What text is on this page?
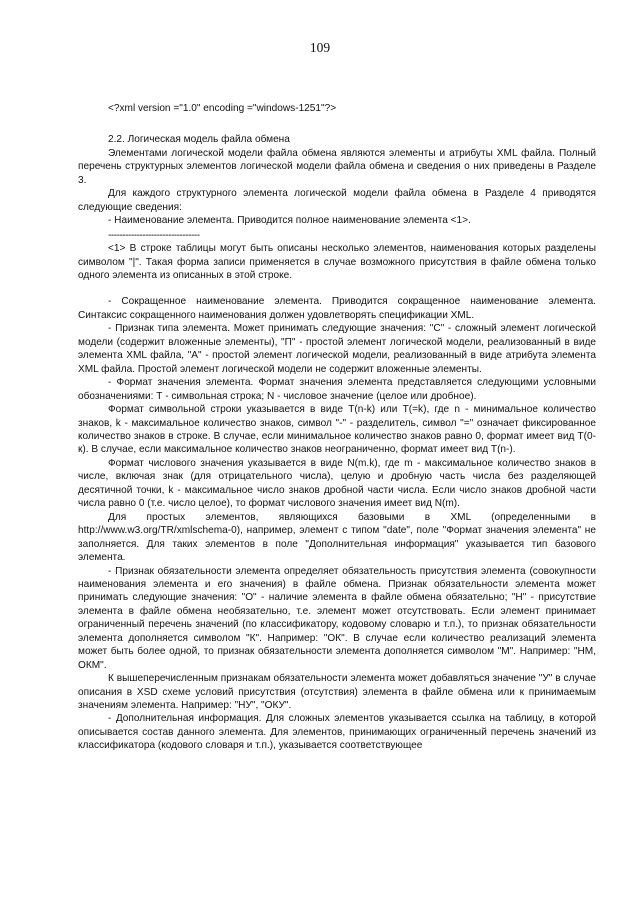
109

<?xml version ="1.0" encoding ="windows-1251"?>

2.2. Логическая модель файла обмена

Элементами логической модели файла обмена являются элементы и атрибуты XML файла. Полный перечень структурных элементов логической модели файла обмена и сведения о них приведены в Разделе 3.

Для каждого структурного элемента логической модели файла обмена в Разделе 4 приводятся следующие сведения:

- Наименование элемента. Приводится полное наименование элемента <1>.

--------------------------------

<1> В строке таблицы могут быть описаны несколько элементов, наименования которых разделены символом "|". Такая форма записи применяется в случае возможного присутствия в файле обмена только одного элемента из описанных в этой строке.

- Сокращенное наименование элемента. Приводится сокращенное наименование элемента. Синтаксис сокращенного наименования должен удовлетворять спецификации XML.

- Признак типа элемента. Может принимать следующие значения: "С" - сложный элемент логической модели (содержит вложенные элементы), "П" - простой элемент логической модели, реализованный в виде элемента XML файла, "А" - простой элемент логической модели, реализованный в виде атрибута элемента XML файла. Простой элемент логической модели не содержит вложенные элементы.

- Формат значения элемента. Формат значения элемента представляется следующими условными обозначениями: Т - символьная строка; N - числовое значение (целое или дробное).

Формат символьной строки указывается в виде Т(n-k) или T(=k), где n - минимальное количество знаков, k - максимальное количество знаков, символ "-" - разделитель, символ "=" означает фиксированное количество знаков в строке. В случае, если минимальное количество знаков равно 0, формат имеет вид Т(0-к). В случае, если максимальное количество знаков неограниченно, формат имеет вид Т(n-).

Формат числового значения указывается в виде N(m.k), где m - максимальное количество знаков в числе, включая знак (для отрицательного числа), целую и дробную часть числа без разделяющей десятичной точки, k - максимальное число знаков дробной части числа. Если число знаков дробной части числа равно 0 (т.е. число целое), то формат числового значения имеет вид N(m).

Для простых элементов, являющихся базовыми в XML (определенными в http://www.w3.org/TR/xmlschema-0), например, элемент с типом "date", поле "Формат значения элемента" не заполняется. Для таких элементов в поле "Дополнительная информация" указывается тип базового элемента.

- Признак обязательности элемента определяет обязательность присутствия элемента (совокупности наименования элемента и его значения) в файле обмена. Признак обязательности элемента может принимать следующие значения: "О" - наличие элемента в файле обмена обязательно; "Н" - присутствие элемента в файле обмена необязательно, т.е. элемент может отсутствовать. Если элемент принимает ограниченный перечень значений (по классификатору, кодовому словарю и т.п.), то признак обязательности элемента дополняется символом "К". Например: "ОК". В случае если количество реализаций элемента может быть более одной, то признак обязательности элемента дополняется символом "М". Например: "НМ, ОКМ".

К вышеперечисленным признакам обязательности элемента может добавляться значение "У" в случае описания в XSD схеме условий присутствия (отсутствия) элемента в файле обмена или к принимаемым значениям элемента. Например: "НУ", "ОКУ".

- Дополнительная информация. Для сложных элементов указывается ссылка на таблицу, в которой описывается состав данного элемента. Для элементов, принимающих ограниченный перечень значений из классификатора (кодового словаря и т.п.), указывается соответствующее
